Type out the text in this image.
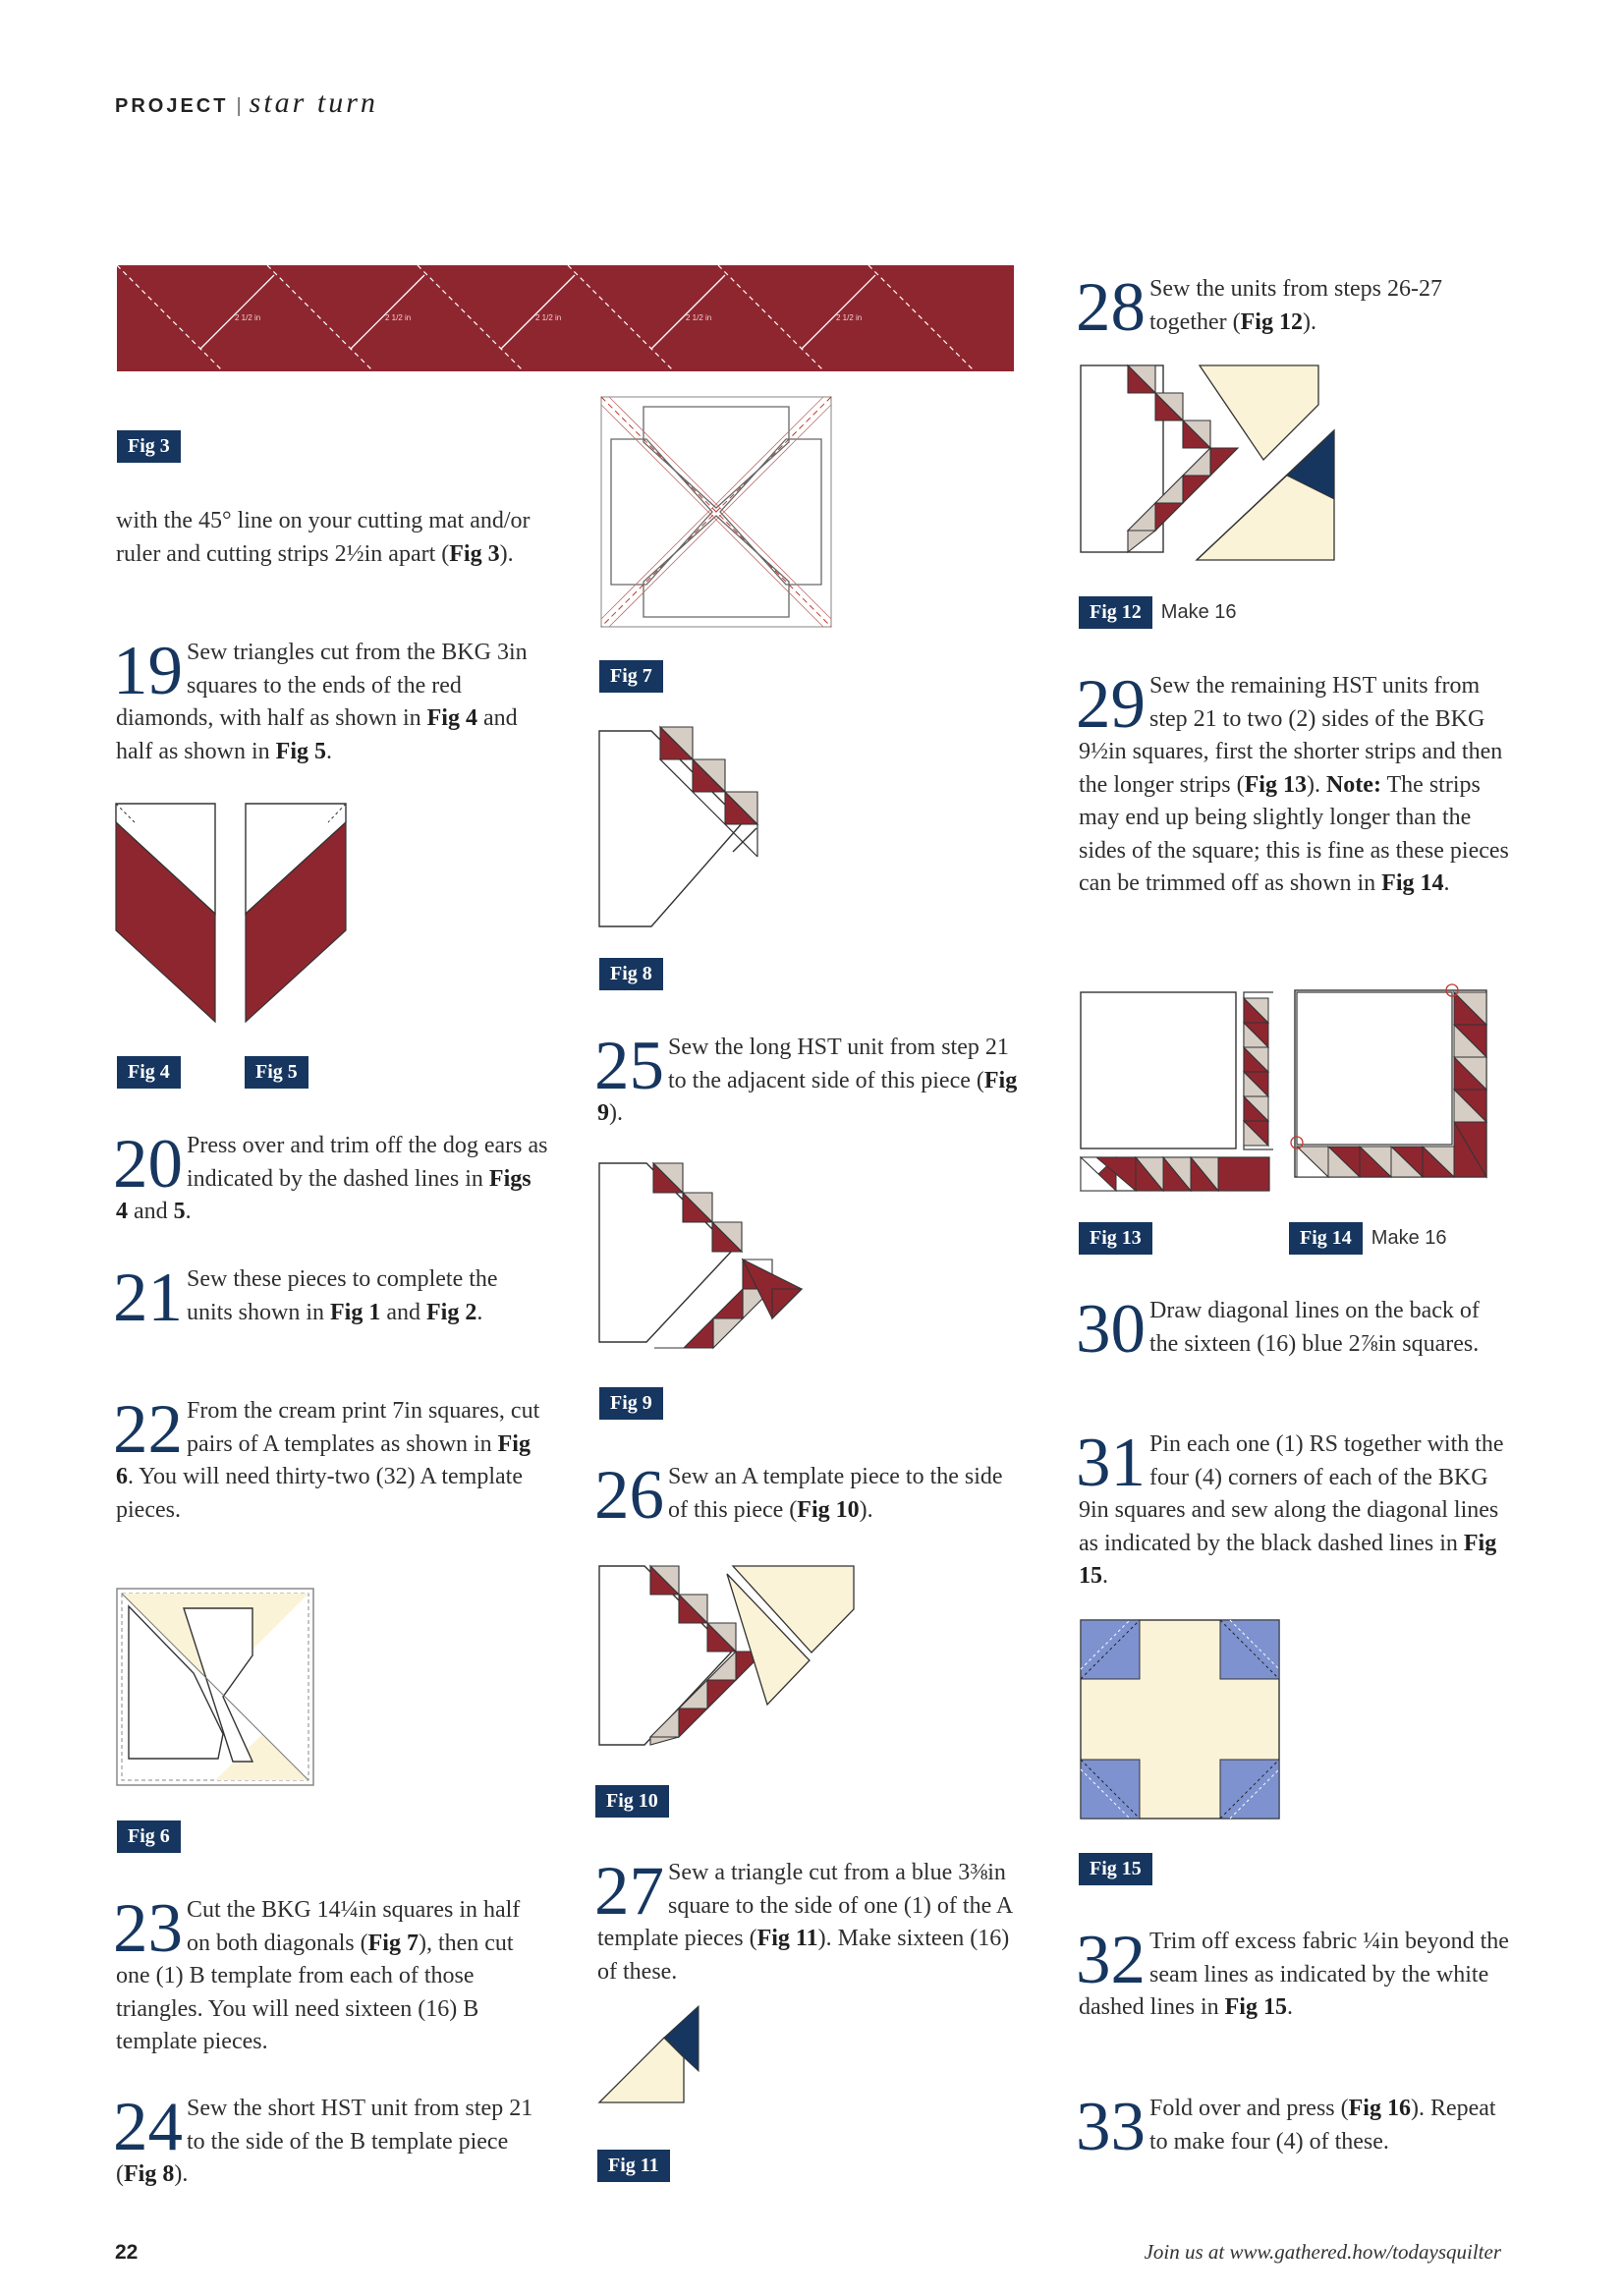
PROJECT | star turn
2 1/2 in	2 1/2 in	2 1/2 in	2 1/2 in	2 1/2 in
Fig 3

with the 45° line on your cutting mat and/or ruler and cutting strips 2½in apart (Fig 3).

19 Sew triangles cut from the BKG 3in squares to the ends of the red diamonds, with half as shown in Fig 4 and half as shown in Fig 5.

Fig 4	Fig 5

20 Press over and trim off the dog ears as indicated by the dashed lines in Figs 4 and 5.

21 Sew these pieces to complete the units shown in Fig 1 and Fig 2.

22 From the cream print 7in squares, cut pairs of A templates as shown in Fig 6. You will need thirty-two (32) A template pieces.

Fig 6

23 Cut the BKG 14¼in squares in half on both diagonals (Fig 7), then cut one (1) B template from each of those triangles. You will need sixteen (16) B template pieces.

24 Sew the short HST unit from step 21 to the side of the B template piece (Fig 8).

Fig 7
Fig 8

25 Sew the long HST unit from step 21 to the adjacent side of this piece (Fig 9).

Fig 9

26 Sew an A template piece to the side of this piece (Fig 10).

Fig 10

27 Sew a triangle cut from a blue 3⅜in square to the side of one (1) of the A template pieces (Fig 11). Make sixteen (16) of these.

Fig 11

28 Sew the units from steps 26-27 together (Fig 12).

Fig 12 Make 16

29 Sew the remaining HST units from step 21 to two (2) sides of the BKG 9½in squares, first the shorter strips and then the longer strips (Fig 13). Note: The strips may end up being slightly longer than the sides of the square; this is fine as these pieces can be trimmed off as shown in Fig 14.

Fig 13	Fig 14 Make 16

30 Draw diagonal lines on the back of the sixteen (16) blue 2⅞in squares.

31 Pin each one (1) RS together with the four (4) corners of each of the BKG 9in squares and sew along the diagonal lines as indicated by the black dashed lines in Fig 15.

Fig 15

32 Trim off excess fabric ¼in beyond the seam lines as indicated by the white dashed lines in Fig 15.

33 Fold over and press (Fig 16). Repeat to make four (4) of these.

22	Join us at www.gathered.how/todaysquilter
